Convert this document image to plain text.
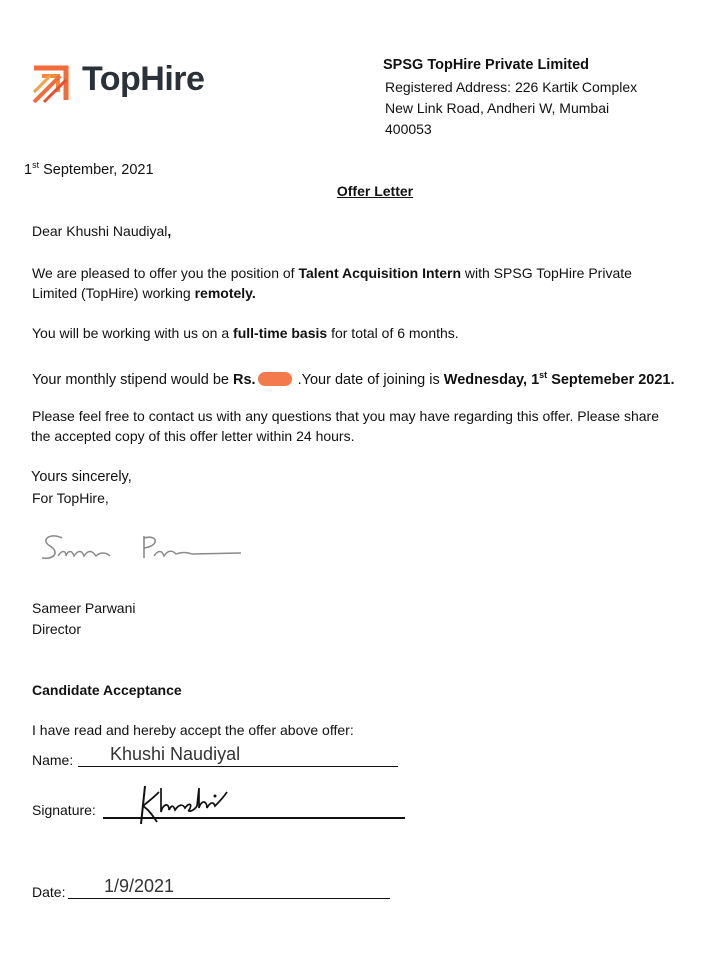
TopHire	SPSG TopHire Private Limited
Registered Address: 226 Kartik Complex
New Link Road, Andheri W, Mumbai
400053
1st September, 2021
Offer Letter
Dear Khushi Naudiyal,
We are pleased to offer you the position of Talent Acquisition Intern with SPSG TopHire Private
Limited (TopHire) working remotely.
You will be working with us on a full-time basis for total of 6 months.
Your monthly stipend would be Rs.	.Your date of joining is Wednesday, 1st Septemeber 2021.
Please feel free to contact us with any questions that you may have regarding this offer. Please share
the accepted copy of this offer letter within 24 hours.
Yours sincerely,
For TopHire,
Sameer Parwani
Director
Candidate Acceptance
I have read and hereby accept the offer above offer:
Name: Khushi Naudiyal
Signature:
Date: 1/9/2021
